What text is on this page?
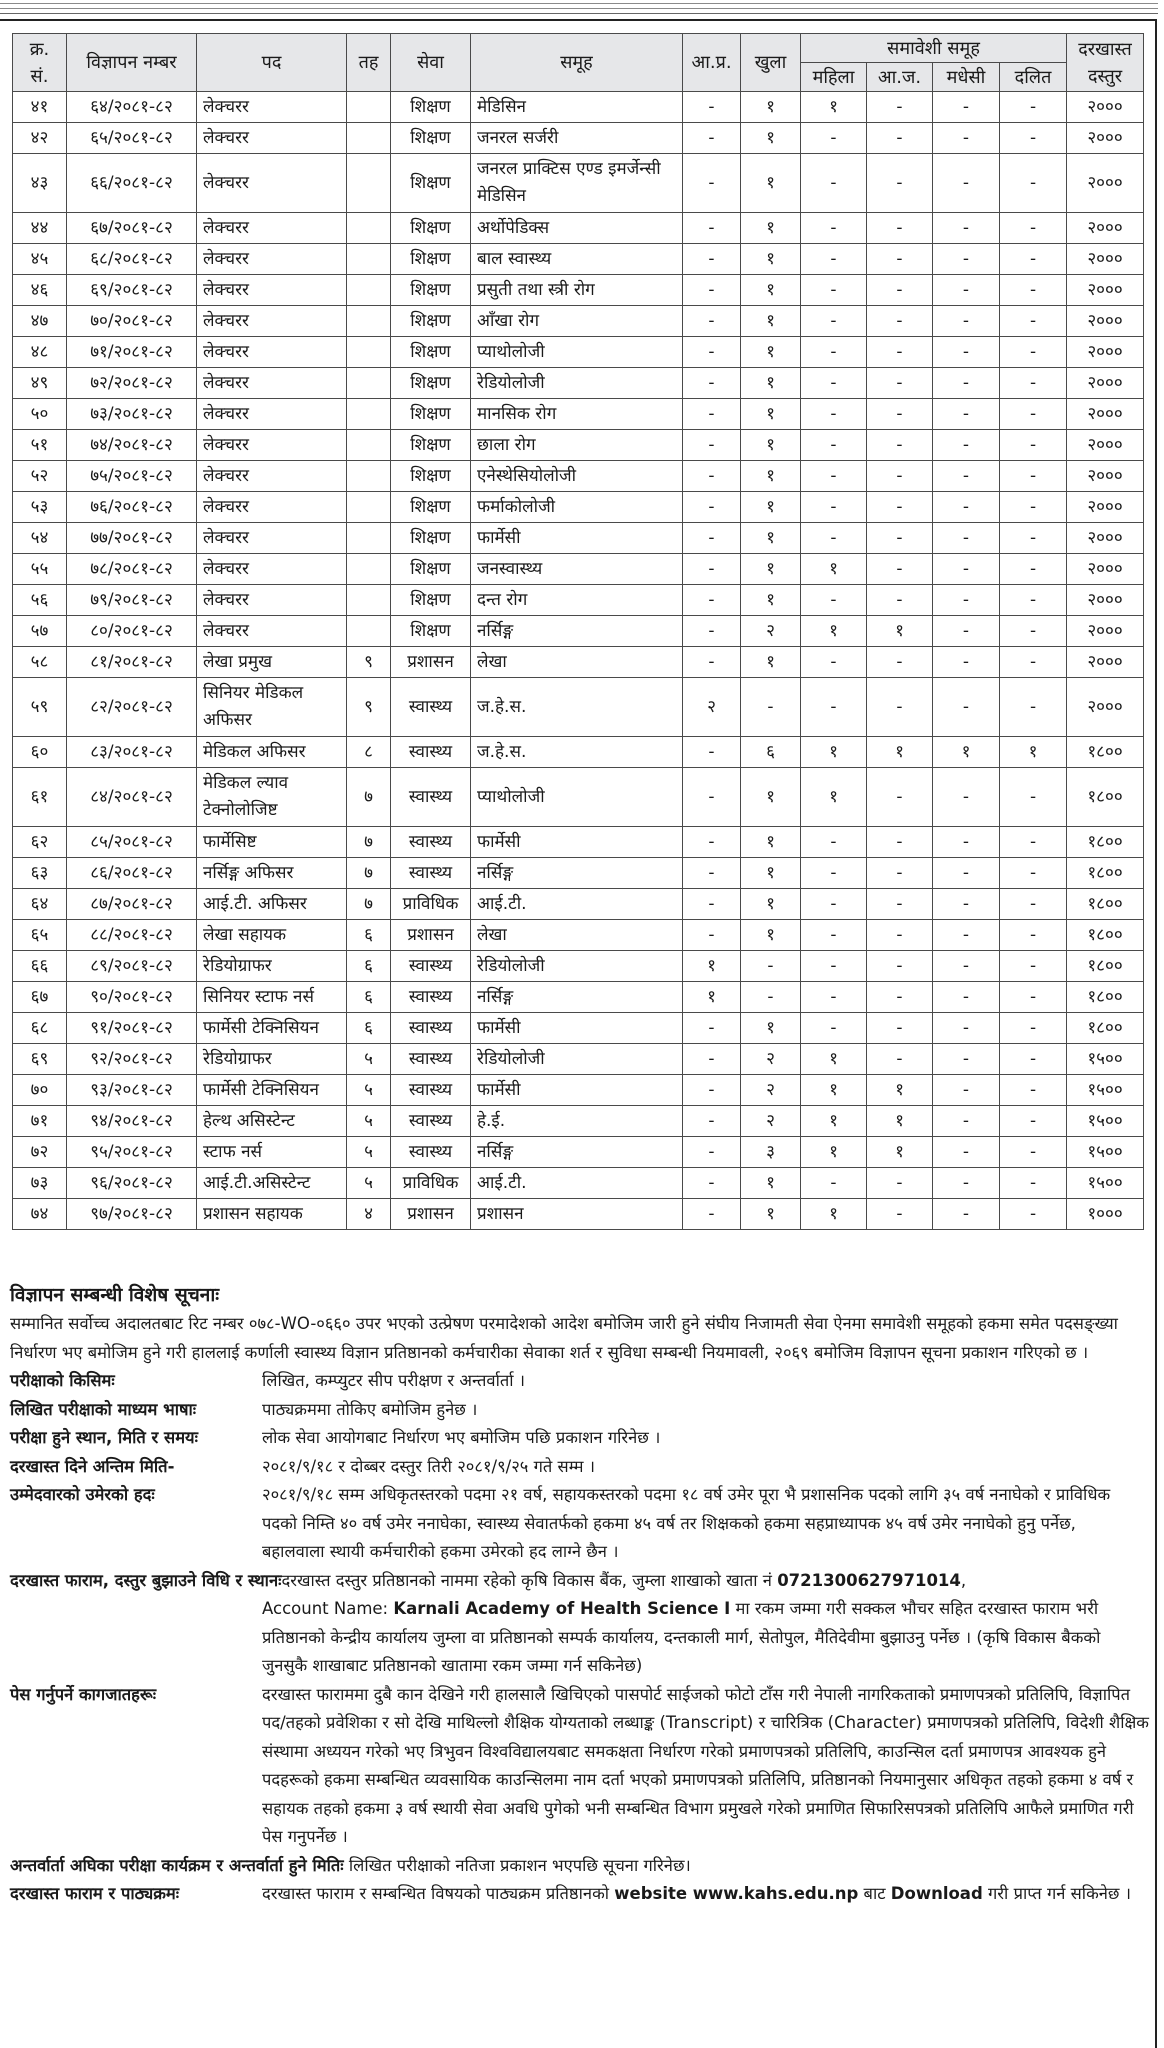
क्र. सं.	विज्ञापन नम्बर	पद	तह	सेवा	समूह	आ.प्र.	खुला	समावेशी समूह				दरखास्त दस्तुर
								महिला	आ.ज.	मधेसी	दलित	
४१	६४/२०८१-८२	लेक्चरर		शिक्षण	मेडिसिन	-	१	१	-	-	-	२०००
४२	६५/२०८१-८२	लेक्चरर		शिक्षण	जनरल सर्जरी	-	१	-	-	-	-	२०००
४३	६६/२०८१-८२	लेक्चरर		शिक्षण	जनरल प्राक्टिस एण्ड इमर्जेन्सी मेडिसिन	-	१	-	-	-	-	२०००
४४	६७/२०८१-८२	लेक्चरर		शिक्षण	अर्थोपेडिक्स	-	१	-	-	-	-	२०००
४५	६८/२०८१-८२	लेक्चरर		शिक्षण	बाल स्वास्थ्य	-	१	-	-	-	-	२०००
४६	६९/२०८१-८२	लेक्चरर		शिक्षण	प्रसुती तथा स्त्री रोग	-	१	-	-	-	-	२०००
४७	७०/२०८१-८२	लेक्चरर		शिक्षण	आँखा रोग	-	१	-	-	-	-	२०००
४८	७१/२०८१-८२	लेक्चरर		शिक्षण	प्याथोलोजी	-	१	-	-	-	-	२०००
४९	७२/२०८१-८२	लेक्चरर		शिक्षण	रेडियोलोजी	-	१	-	-	-	-	२०००
५०	७३/२०८१-८२	लेक्चरर		शिक्षण	मानसिक रोग	-	१	-	-	-	-	२०००
५१	७४/२०८१-८२	लेक्चरर		शिक्षण	छाला रोग	-	१	-	-	-	-	२०००
५२	७५/२०८१-८२	लेक्चरर		शिक्षण	एनेस्थेसियोलोजी	-	१	-	-	-	-	२०००
५३	७६/२०८१-८२	लेक्चरर		शिक्षण	फर्माकोलोजी	-	१	-	-	-	-	२०००
५४	७७/२०८१-८२	लेक्चरर		शिक्षण	फार्मेसी	-	१	-	-	-	-	२०००
५५	७८/२०८१-८२	लेक्चरर		शिक्षण	जनस्वास्थ्य	-	१	१	-	-	-	२०००
५६	७९/२०८१-८२	लेक्चरर		शिक्षण	दन्त रोग	-	१	-	-	-	-	२०००
५७	८०/२०८१-८२	लेक्चरर		शिक्षण	नर्सिङ्ग	-	२	१	१	-	-	२०००
५८	८१/२०८१-८२	लेखा प्रमुख	९	प्रशासन	लेखा	-	१	-	-	-	-	२०००
५९	८२/२०८१-८२	सिनियर मेडिकल अफिसर	९	स्वास्थ्य	ज.हे.स.	२	-	-	-	-	-	२०००
६०	८३/२०८१-८२	मेडिकल अफिसर	८	स्वास्थ्य	ज.हे.स.	-	६	१	१	१	१	१८००
६१	८४/२०८१-८२	मेडिकल ल्याव टेक्नोलोजिष्ट	७	स्वास्थ्य	प्याथोलोजी	-	१	१	-	-	-	१८००
६२	८५/२०८१-८२	फार्मेसिष्ट	७	स्वास्थ्य	फार्मेसी	-	१	-	-	-	-	१८००
६३	८६/२०८१-८२	नर्सिङ्ग अफिसर	७	स्वास्थ्य	नर्सिङ्ग	-	१	-	-	-	-	१८००
६४	८७/२०८१-८२	आई.टी. अफिसर	७	प्राविधिक	आई.टी.	-	१	-	-	-	-	१८००
६५	८८/२०८१-८२	लेखा सहायक	६	प्रशासन	लेखा	-	१	-	-	-	-	१८००
६६	८९/२०८१-८२	रेडियोग्राफर	६	स्वास्थ्य	रेडियोलोजी	१	-	-	-	-	-	१८००
६७	९०/२०८१-८२	सिनियर स्टाफ नर्स	६	स्वास्थ्य	नर्सिङ्ग	१	-	-	-	-	-	१८००
६८	९१/२०८१-८२	फार्मेसी टेक्निसियन	६	स्वास्थ्य	फार्मेसी	-	१	-	-	-	-	१८००
६९	९२/२०८१-८२	रेडियोग्राफर	५	स्वास्थ्य	रेडियोलोजी	-	२	१	-	-	-	१५००
७०	९३/२०८१-८२	फार्मेसी टेक्निसियन	५	स्वास्थ्य	फार्मेसी	-	२	१	१	-	-	१५००
७१	९४/२०८१-८२	हेल्थ असिस्टेन्ट	५	स्वास्थ्य	हे.ई.	-	२	१	१	-	-	१५००
७२	९५/२०८१-८२	स्टाफ नर्स	५	स्वास्थ्य	नर्सिङ्ग	-	३	१	१	-	-	१५००
७३	९६/२०८१-८२	आई.टी.असिस्टेन्ट	५	प्राविधिक	आई.टी.	-	१	-	-	-	-	१५००
७४	९७/२०८१-८२	प्रशासन सहायक	४	प्रशासन	प्रशासन	-	१	१	-	-	-	१०००
विज्ञापन सम्बन्धी विशेष सूचनाः

सम्मानित सर्वोच्च अदालतबाट रिट नम्बर ०७८-WO-०६६० उपर भएको उत्प्रेषण परमादेशको आदेश बमोजिम जारी हुने संघीय निजामती सेवा ऐनमा समावेशी समूहको हकमा समेत पदसङ्ख्या निर्धारण भए बमोजिम हुने गरी हाललाई कर्णाली स्वास्थ्य विज्ञान प्रतिष्ठानको कर्मचारीका सेवाका शर्त र सुविधा सम्बन्धी नियमावली, २०६९ बमोजिम विज्ञापन सूचना प्रकाशन गरिएको छ ।

परीक्षाको किसिमः	लिखित, कम्प्युटर सीप परीक्षण र अन्तर्वार्ता ।
लिखित परीक्षाको माध्यम भाषाः	पाठ्यक्रममा तोकिए बमोजिम हुनेछ ।
परीक्षा हुने स्थान, मिति र समयः	लोक सेवा आयोगबाट निर्धारण भए बमोजिम पछि प्रकाशन गरिनेछ ।
दरखास्त दिने अन्तिम मिति-	२०८१/९/१८ र दोब्बर दस्तुर तिरी २०८१/९/२५ गते सम्म ।
उम्मेदवारको उमेरको हदः	२०८१/९/१८ सम्म अधिकृतस्तरको पदमा २१ वर्ष, सहायकस्तरको पदमा १८ वर्ष उमेर पूरा भै प्रशासनिक पदको लागि ३५ वर्ष ननाघेको र प्राविधिक पदको निम्ति ४० वर्ष उमेर ननाघेका, स्वास्थ्य सेवातर्फको हकमा ४५ वर्ष तर शिक्षकको हकमा सहप्राध्यापक ४५ वर्ष उमेर ननाघेको हुनु पर्नेछ,
बहालवाला स्थायी कर्मचारीको हकमा उमेरको हद लाग्ने छैन ।
दरखास्त फाराम, दस्तुर बुझाउने विधि र स्थानःदरखास्त दस्तुर प्रतिष्ठानको नाममा रहेको कृषि विकास बैंक, जुम्ला शाखाको खाता नं 0721300627971014,
Account Name: Karnali Academy of Health Science I मा रकम जम्मा गरी सक्कल भौचर सहित दरखास्त फाराम भरी प्रतिष्ठानको केन्द्रीय कार्यालय जुम्ला वा प्रतिष्ठानको सम्पर्क कार्यालय, दन्तकाली मार्ग, सेतोपुल, मैतिदेवीमा बुझाउनु पर्नेछ । (कृषि विकास बैकको जुनसुकै शाखाबाट प्रतिष्ठानको खातामा रकम जम्मा गर्न सकिनेछ)
पेस गर्नुपर्ने कागजातहरूः	दरखास्त फाराममा दुबै कान देखिने गरी हालसालै खिचिएको पासपोर्ट साईजको फोटो टाँस गरी नेपाली नागरिकताको प्रमाणपत्रको प्रतिलिपि, विज्ञापित पद/तहको प्रवेशिका र सो देखि माथिल्लो शैक्षिक योग्यताको लब्धाङ्क (Transcript) र चारित्रिक (Character) प्रमाणपत्रको प्रतिलिपि, विदेशी शैक्षिक संस्थामा अध्ययन गरेको भए त्रिभुवन विश्वविद्यालयबाट समकक्षता निर्धारण गरेको प्रमाणपत्रको प्रतिलिपि, काउन्सिल दर्ता प्रमाणपत्र आवश्यक हुने पदहरूको हकमा सम्बन्धित व्यवसायिक काउन्सिलमा नाम दर्ता भएको प्रमाणपत्रको प्रतिलिपि, प्रतिष्ठानको नियमानुसार अधिकृत तहको हकमा ४ वर्ष र सहायक तहको हकमा ३ वर्ष स्थायी सेवा अवधि पुगेको भनी सम्बन्धित विभाग प्रमुखले गरेको प्रमाणित सिफारिसपत्रको प्रतिलिपि आफैले प्रमाणित गरी पेस गनुपर्नेछ ।
अन्तर्वार्ता अघिका परीक्षा कार्यक्रम र अन्तर्वार्ता हुने मितिः लिखित परीक्षाको नतिजा प्रकाशन भएपछि सूचना गरिनेछ।
दरखास्त फाराम र पाठ्यक्रमः	दरखास्त फाराम र सम्बन्धित विषयको पाठ्यक्रम प्रतिष्ठानको website www.kahs.edu.np बाट Download गरी प्राप्त गर्न सकिनेछ ।
